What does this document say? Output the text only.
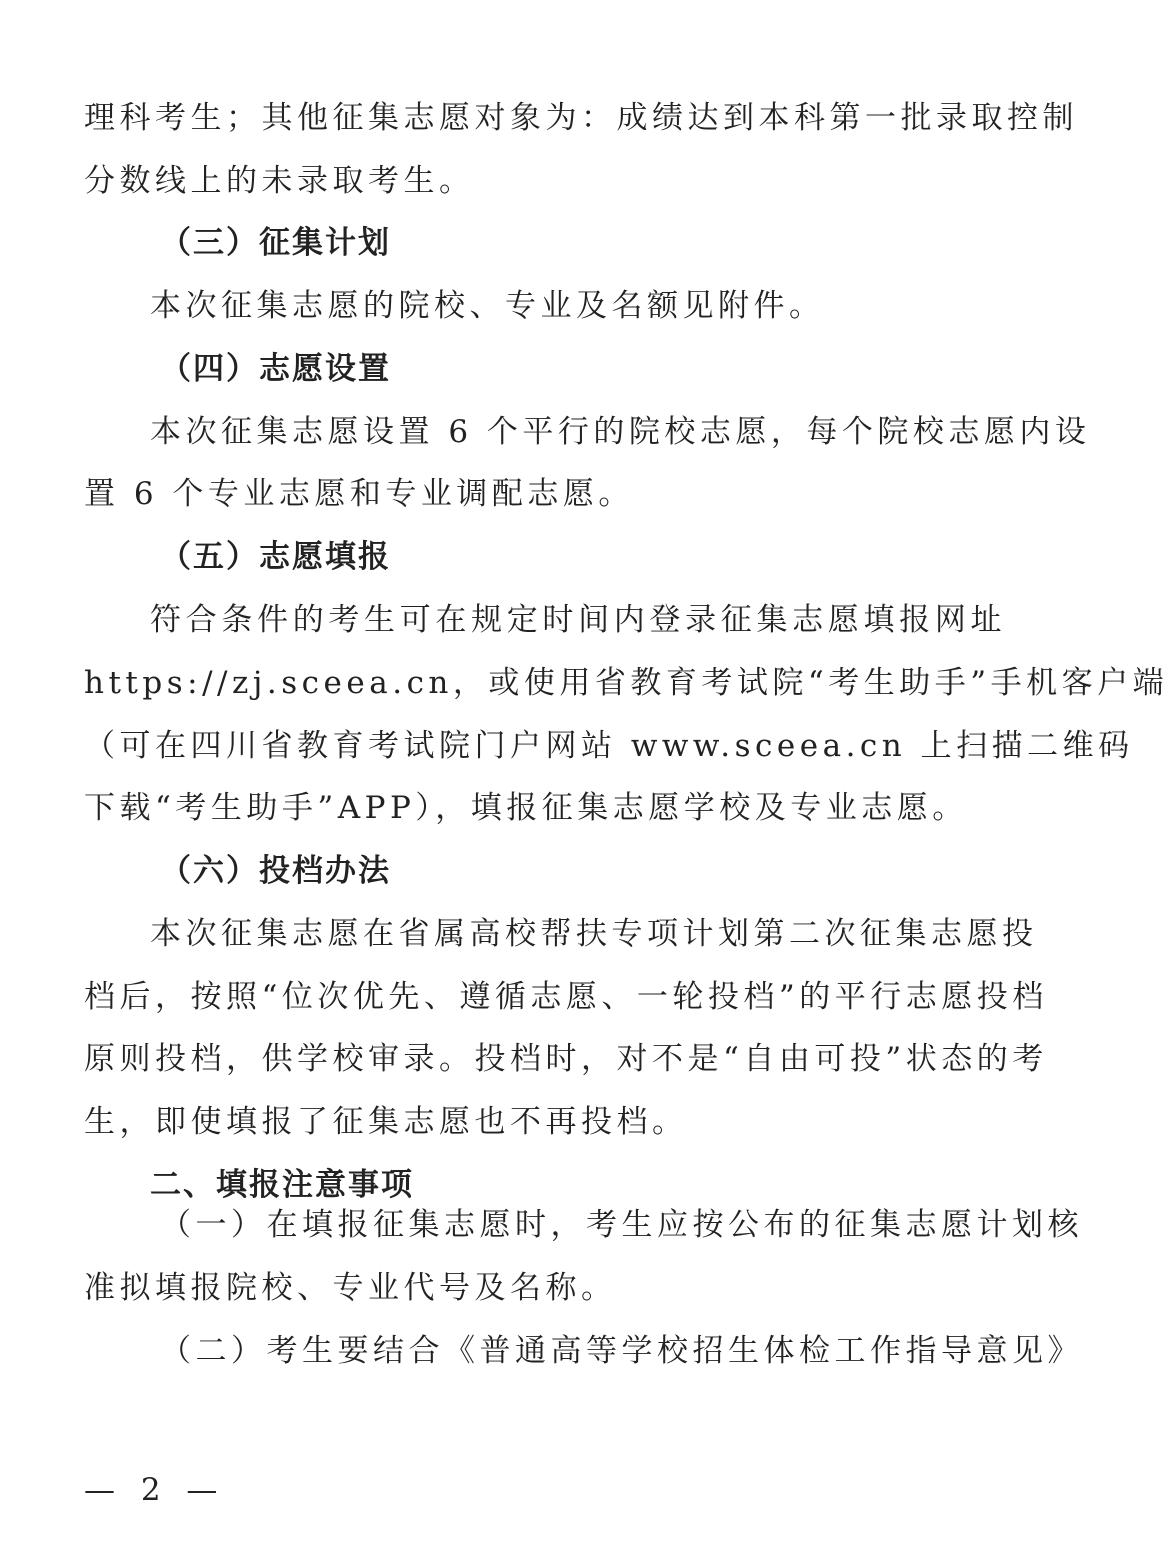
理科考生；其他征集志愿对象为：成绩达到本科第一批录取控制
分数线上的未录取考生。
（三）征集计划
本次征集志愿的院校、专业及名额见附件。
（四）志愿设置
本次征集志愿设置 6 个平行的院校志愿，每个院校志愿内设
置 6 个专业志愿和专业调配志愿。
（五）志愿填报
符合条件的考生可在规定时间内登录征集志愿填报网址
https://zj.sceea.cn，或使用省教育考试院“考生助手”手机客户端
（可在四川省教育考试院门户网站 www.sceea.cn 上扫描二维码
下载“考生助手”APP），填报征集志愿学校及专业志愿。
（六）投档办法
本次征集志愿在省属高校帮扶专项计划第二次征集志愿投
档后，按照“位次优先、遵循志愿、一轮投档”的平行志愿投档
原则投档，供学校审录。投档时，对不是“自由可投”状态的考
生，即使填报了征集志愿也不再投档。
二、填报注意事项
（一）在填报征集志愿时，考生应按公布的征集志愿计划核
准拟填报院校、专业代号及名称。
（二）考生要结合《普通高等学校招生体检工作指导意见》
— 2 —
